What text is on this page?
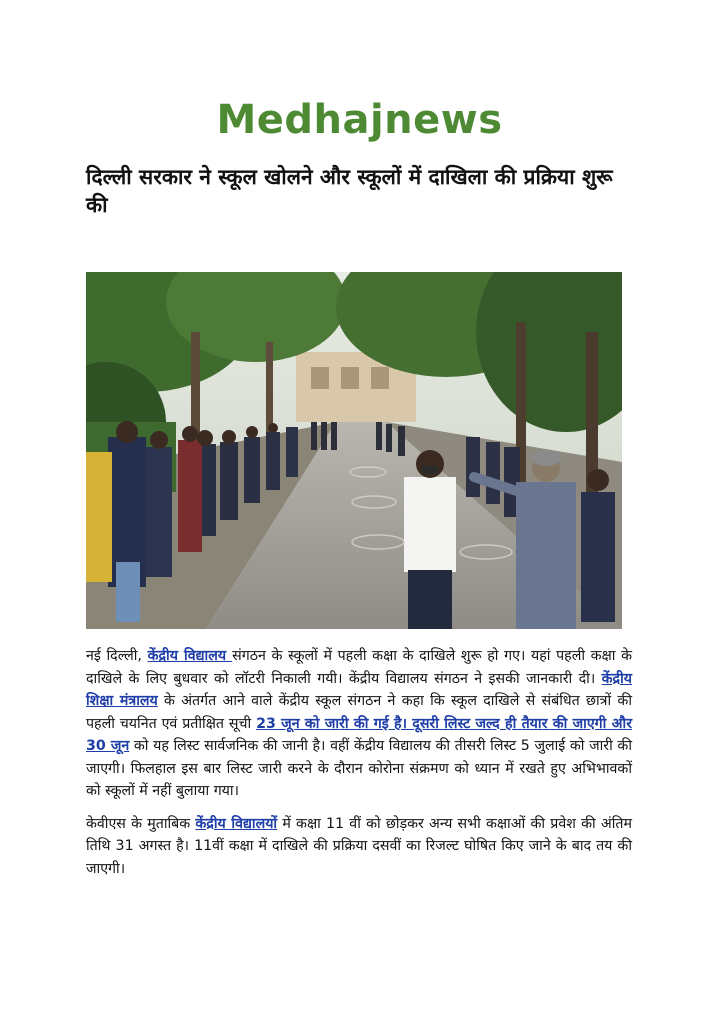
Medhajnews
दिल्ली सरकार ने स्कूल खोलने और स्कूलों में दाखिला की प्रक्रिया शुरू की

नई दिल्ली, केंद्रीय विद्यालय संगठन के स्कूलों में पहली कक्षा के दाखिले शुरू हो गए। यहां पहली कक्षा के दाखिले के लिए बुधवार को लॉटरी निकाली गयी। केंद्रीय विद्यालय संगठन ने इसकी जानकारी दी। केंद्रीय शिक्षा मंत्रालय के अंतर्गत आने वाले केंद्रीय स्कूल संगठन ने कहा कि स्कूल दाखिले से संबंधित छात्रों की पहली चयनित एवं प्रतीक्षित सूची 23 जून को जारी की गई है। दूसरी लिस्ट जल्द ही तैयार की जाएगी और 30 जून को यह लिस्ट सार्वजनिक की जानी है। वहीं केंद्रीय विद्यालय की तीसरी लिस्ट 5 जुलाई को जारी की जाएगी। फिलहाल इस बार लिस्ट जारी करने के दौरान कोरोना संक्रमण को ध्यान में रखते हुए अभिभावकों को स्कूलों में नहीं बुलाया गया।

केवीएस के मुताबिक केंद्रीय विद्यालयों में कक्षा 11 वीं को छोड़कर अन्य सभी कक्षाओं की प्रवेश की अंतिम तिथि 31 अगस्त है। 11वीं कक्षा में दाखिले की प्रक्रिया दसवीं का रिजल्ट घोषित किए जाने के बाद तय की जाएगी।
